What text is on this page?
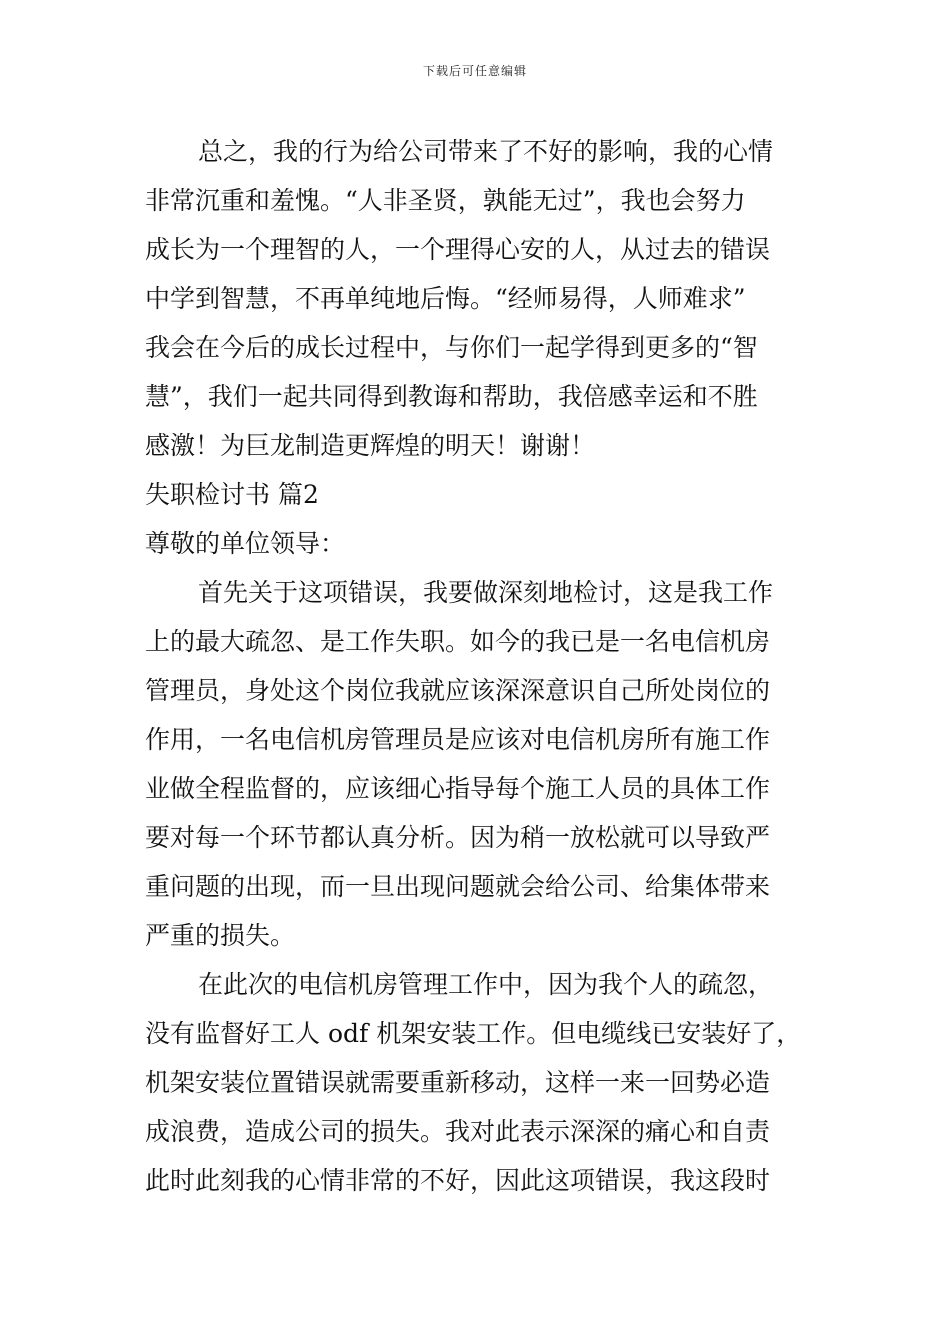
下载后可任意编辑
总之，我的行为给公司带来了不好的影响，我的心情
非常沉重和羞愧。“人非圣贤，孰能无过”，我也会努力
成长为一个理智的人，一个理得心安的人，从过去的错误
中学到智慧，不再单纯地后悔。“经师易得，人师难求”
我会在今后的成长过程中，与你们一起学得到更多的“智
慧”，我们一起共同得到教诲和帮助，我倍感幸运和不胜
感激！为巨龙制造更辉煌的明天！谢谢！
失职检讨书 篇2
尊敬的单位领导：
首先关于这项错误，我要做深刻地检讨，这是我工作
上的最大疏忽、是工作失职。如今的我已是一名电信机房
管理员，身处这个岗位我就应该深深意识自己所处岗位的
作用，一名电信机房管理员是应该对电信机房所有施工作
业做全程监督的，应该细心指导每个施工人员的具体工作
要对每一个环节都认真分析。因为稍一放松就可以导致严
重问题的出现，而一旦出现问题就会给公司、给集体带来
严重的损失。
在此次的电信机房管理工作中，因为我个人的疏忽，
没有监督好工人 odf 机架安装工作。但电缆线已安装好了，
机架安装位置错误就需要重新移动，这样一来一回势必造
成浪费，造成公司的损失。我对此表示深深的痛心和自责
此时此刻我的心情非常的不好，因此这项错误，我这段时
